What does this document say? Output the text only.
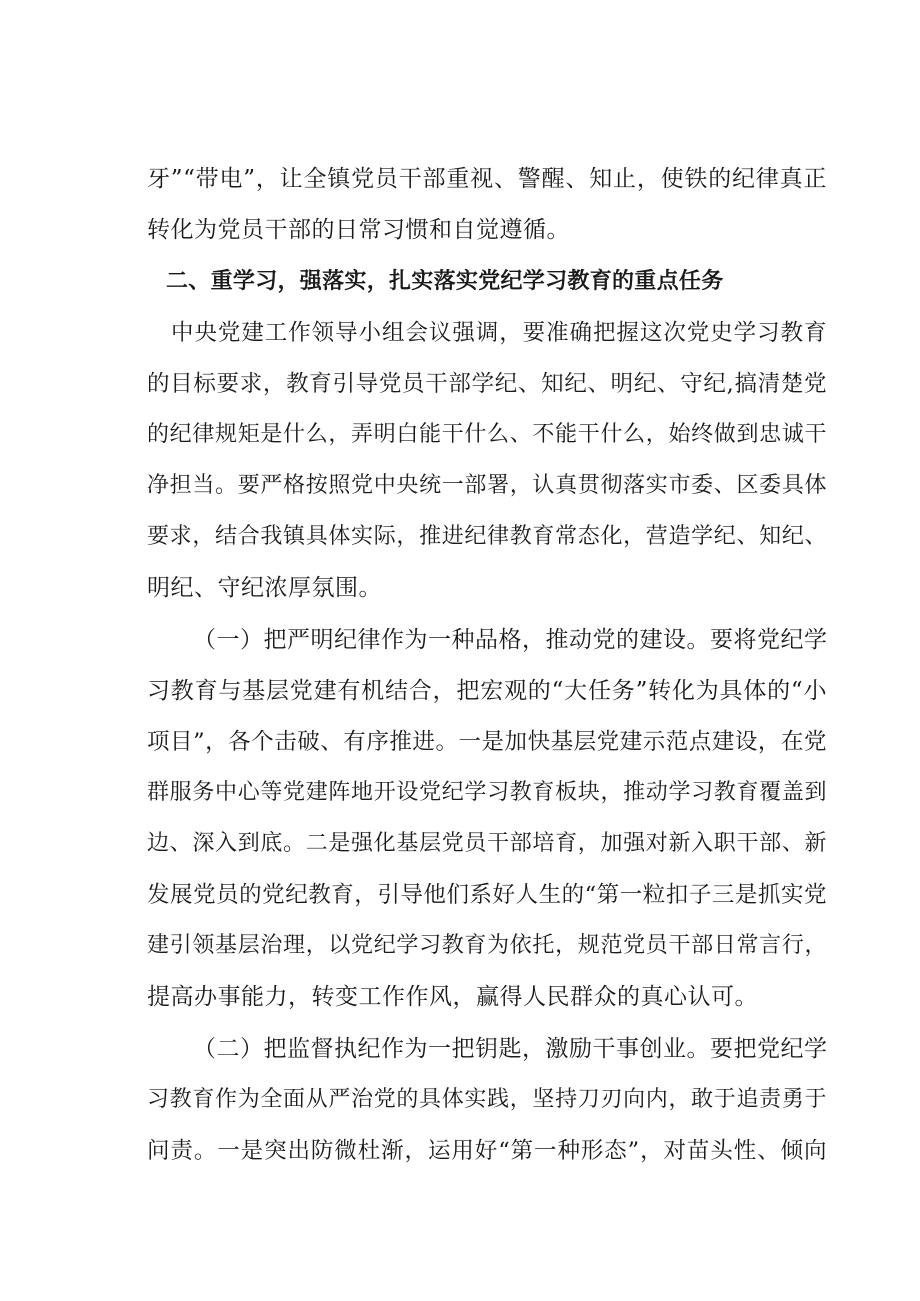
牙”“带电”，让全镇党员干部重视、警醒、知止，使铁的纪律真正
转化为党员干部的日常习惯和自觉遵循。
二、重学习，强落实，扎实落实党纪学习教育的重点任务
中央党建工作领导小组会议强调，要准确把握这次党史学习教育
的目标要求，教育引导党员干部学纪、知纪、明纪、守纪,搞清楚党
的纪律规矩是什么，弄明白能干什么、不能干什么，始终做到忠诚干
净担当。要严格按照党中央统一部署，认真贯彻落实市委、区委具体
要求，结合我镇具体实际，推进纪律教育常态化，营造学纪、知纪、
明纪、守纪浓厚氛围。
（一）把严明纪律作为一种品格，推动党的建设。要将党纪学
习教育与基层党建有机结合，把宏观的“大任务”转化为具体的“小
项目”，各个击破、有序推进。一是加快基层党建示范点建设，在党
群服务中心等党建阵地开设党纪学习教育板块，推动学习教育覆盖到
边、深入到底。二是强化基层党员干部培育，加强对新入职干部、新
发展党员的党纪教育，引导他们系好人生的“第一粒扣子三是抓实党
建引领基层治理，以党纪学习教育为依托，规范党员干部日常言行，
提高办事能力，转变工作作风，赢得人民群众的真心认可。
（二）把监督执纪作为一把钥匙，激励干事创业。要把党纪学
习教育作为全面从严治党的具体实践，坚持刀刃向内，敢于追责勇于
问责。一是突出防微杜渐，运用好“第一种形态”，对苗头性、倾向
